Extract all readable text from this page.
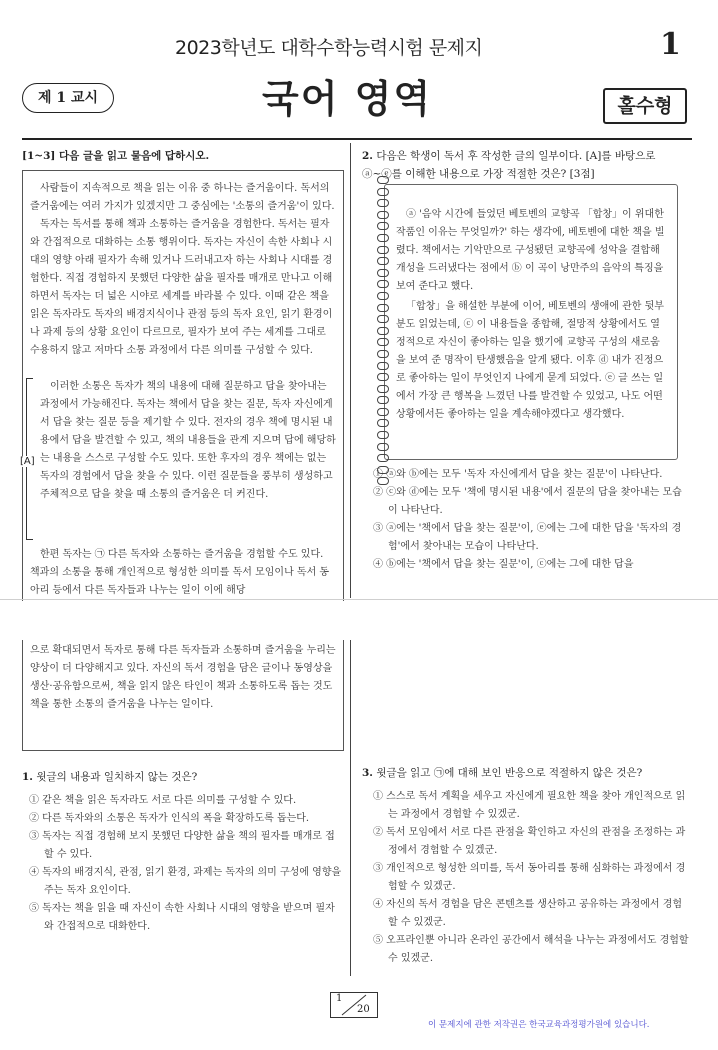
2023학년도 대학수학능력시험 문제지	1
제 1 교시	국어 영역	홀수형
[1~3] 다음 글을 읽고 물음에 답하시오.

사람들이 지속적으로 책을 읽는 이유 중 하나는 즐거움이다. 독서의 즐거움에는 여러 가지가 있겠지만 그 중심에는 '소통의 즐거움'이 있다.

독자는 독서를 통해 책과 소통하는 즐거움을 경험한다. 독서는 필자와 간접적으로 대화하는 소통 행위이다. 독자는 자신이 속한 사회나 시대의 영향 아래 필자가 속해 있거나 드러내고자 하는 사회나 시대를 경험한다. 직접 경험하지 못했던 다양한 삶을 필자를 매개로 만나고 이해하면서 독자는 더 넓은 시야로 세계를 바라볼 수 있다. 이때 같은 책을 읽은 독자라도 독자의 배경지식이나 관점 등의 독자 요인, 읽기 환경이나 과제 등의 상황 요인이 다르므로, 필자가 보여 주는 세계를 그대로 수용하지 않고 저마다 소통 과정에서 다른 의미를 구성할 수 있다.

[A]

이러한 소통은 독자가 책의 내용에 대해 질문하고 답을 찾아내는 과정에서 가능해진다. 독자는 책에서 답을 찾는 질문, 독자 자신에게서 답을 찾는 질문 등을 제기할 수 있다. 전자의 경우 책에 명시된 내용에서 답을 발견할 수 있고, 책의 내용들을 관계 지으며 답에 해당하는 내용을 스스로 구성할 수도 있다. 또한 후자의 경우 책에는 없는 독자의 경험에서 답을 찾을 수 있다. 이런 질문들을 풍부히 생성하고 주체적으로 답을 찾을 때 소통의 즐거움은 더 커진다.

한편 독자는 ㉠ 다른 독자와 소통하는 즐거움을 경험할 수도 있다. 책과의 소통을 통해 개인적으로 형성한 의미를 독서 모임이나 독서 동아리 등에서 다른 독자들과 나누는 일이 이에 해당

2. 다음은 학생이 독서 후 작성한 글의 일부이다. [A]를 바탕으로 ⓐ~ⓔ를 이해한 내용으로 가장 적절한 것은? [3점]

ⓐ '음악 시간에 들었던 베토벤의 교향곡 「합창」이 위대한 작품인 이유는 무엇일까?' 하는 생각에, 베토벤에 대한 책을 빌렸다. 책에서는 기악만으로 구성됐던 교향곡에 성악을 결합해 개성을 드러냈다는 점에서 ⓑ 이 곡이 낭만주의 음악의 특징을 보여 준다고 했다.

「합창」을 해설한 부분에 이어, 베토벤의 생애에 관한 뒷부분도 읽었는데, ⓒ 이 내용들을 종합해, 절망적 상황에서도 열정적으로 자신이 좋아하는 일을 했기에 교향곡 구성의 새로움을 보여 준 명작이 탄생했음을 알게 됐다. 이후 ⓓ 내가 진정으로 좋아하는 일이 무엇인지 나에게 묻게 되었다. ⓔ 글 쓰는 일에서 가장 큰 행복을 느꼈던 나를 발견할 수 있었고, 나도 어떤 상황에서든 좋아하는 일을 계속해야겠다고 생각했다.

① ⓐ와 ⓑ에는 모두 '독자 자신에게서 답을 찾는 질문'이 나타난다.

② ⓒ와 ⓓ에는 모두 '책에 명시된 내용'에서 질문의 답을 찾아내는 모습이 나타난다.

③ ⓐ에는 '책에서 답을 찾는 질문'이, ⓔ에는 그에 대한 답을 '독자의 경험'에서 찾아내는 모습이 나타난다.

④ ⓑ에는 '책에서 답을 찾는 질문'이, ⓒ에는 그에 대한 답을

으로 확대되면서 독자로 통해 다른 독자들과 소통하며 즐거움을 누리는 양상이 더 다양해지고 있다. 자신의 독서 경험을 담은 글이나 동영상을 생산·공유함으로써, 책을 읽지 않은 타인이 책과 소통하도록 돕는 것도 책을 통한 소통의 즐거움을 나누는 일이다.

1. 윗글의 내용과 일치하지 않는 것은?

① 같은 책을 읽은 독자라도 서로 다른 의미를 구성할 수 있다.

② 다른 독자와의 소통은 독자가 인식의 폭을 확장하도록 돕는다.

③ 독자는 직접 경험해 보지 못했던 다양한 삶을 책의 필자를 매개로 접할 수 있다.

④ 독자의 배경지식, 관점, 읽기 환경, 과제는 독자의 의미 구성에 영향을 주는 독자 요인이다.

⑤ 독자는 책을 읽을 때 자신이 속한 사회나 시대의 영향을 받으며 필자와 간접적으로 대화한다.

3. 윗글을 읽고 ㉠에 대해 보인 반응으로 적절하지 않은 것은?

① 스스로 독서 계획을 세우고 자신에게 필요한 책을 찾아 개인적으로 읽는 과정에서 경험할 수 있겠군.

② 독서 모임에서 서로 다른 관점을 확인하고 자신의 관점을 조정하는 과정에서 경험할 수 있겠군.

③ 개인적으로 형성한 의미를, 독서 동아리를 통해 심화하는 과정에서 경험할 수 있겠군.

④ 자신의 독서 경험을 담은 콘텐츠를 생산하고 공유하는 과정에서 경험할 수 있겠군.

⑤ 오프라인뿐 아니라 온라인 공간에서 해석을 나누는 과정에서도 경험할 수 있겠군.

1
20
이 문제지에 관한 저작권은 한국교육과정평가원에 있습니다.
